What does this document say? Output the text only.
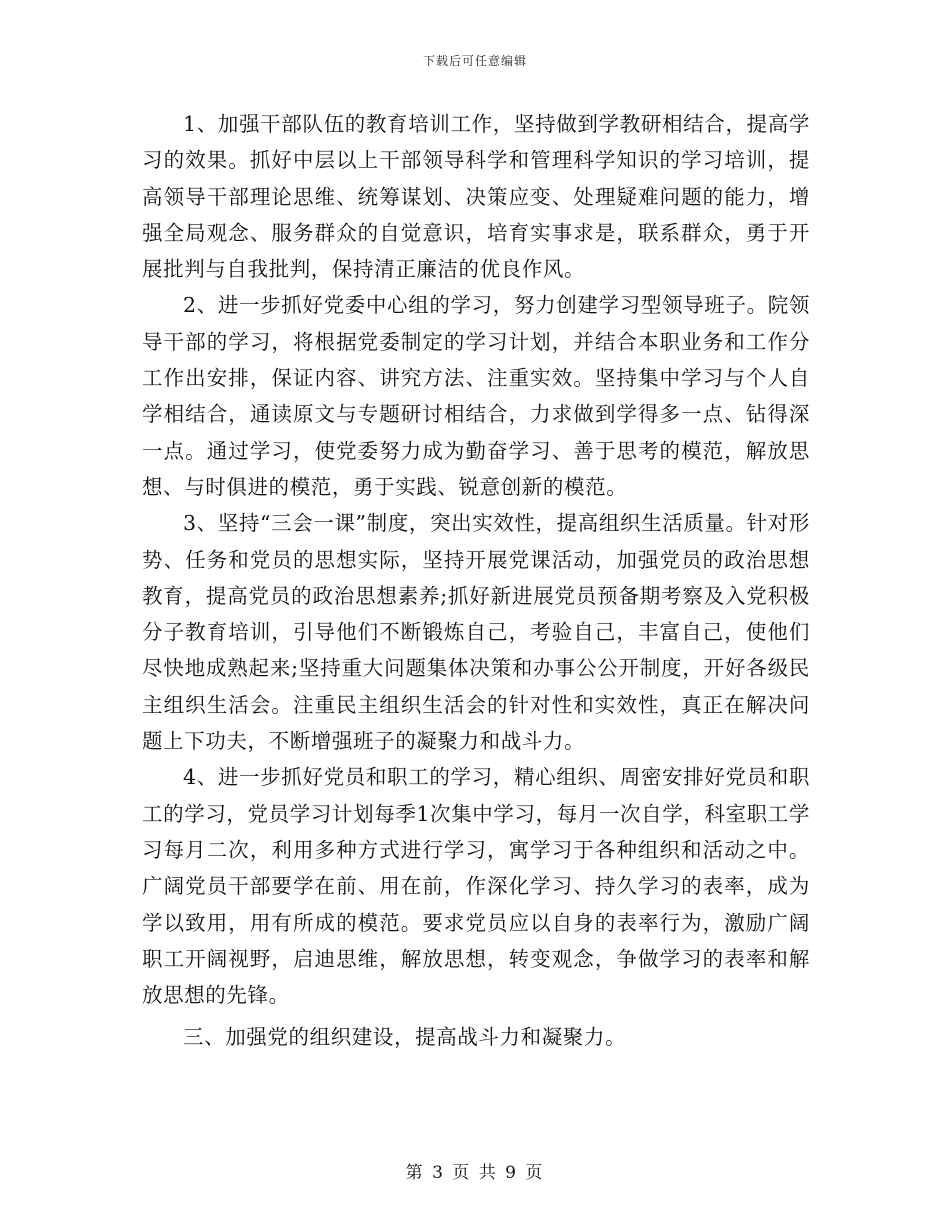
下载后可任意编辑

1、加强干部队伍的教育培训工作，坚持做到学教研相结合，提高学习的效果。抓好中层以上干部领导科学和管理科学知识的学习培训，提高领导干部理论思维、统筹谋划、决策应变、处理疑难问题的能力，增强全局观念、服务群众的自觉意识，培育实事求是，联系群众，勇于开展批判与自我批判，保持清正廉洁的优良作风。

2、进一步抓好党委中心组的学习，努力创建学习型领导班子。院领导干部的学习，将根据党委制定的学习计划，并结合本职业务和工作分工作出安排，保证内容、讲究方法、注重实效。坚持集中学习与个人自学相结合，通读原文与专题研讨相结合，力求做到学得多一点、钻得深一点。通过学习，使党委努力成为勤奋学习、善于思考的模范，解放思想、与时俱进的模范，勇于实践、锐意创新的模范。

3、坚持“三会一课”制度，突出实效性，提高组织生活质量。针对形势、任务和党员的思想实际，坚持开展党课活动，加强党员的政治思想教育，提高党员的政治思想素养;抓好新进展党员预备期考察及入党积极分子教育培训，引导他们不断锻炼自己，考验自己，丰富自己，使他们尽快地成熟起来;坚持重大问题集体决策和办事公公开制度，开好各级民主组织生活会。注重民主组织生活会的针对性和实效性，真正在解决问题上下功夫，不断增强班子的凝聚力和战斗力。

4、进一步抓好党员和职工的学习，精心组织、周密安排好党员和职工的学习，党员学习计划每季1次集中学习，每月一次自学，科室职工学习每月二次，利用多种方式进行学习，寓学习于各种组织和活动之中。广阔党员干部要学在前、用在前，作深化学习、持久学习的表率，成为学以致用，用有所成的模范。要求党员应以自身的表率行为，激励广阔职工开阔视野，启迪思维，解放思想，转变观念，争做学习的表率和解放思想的先锋。

三、加强党的组织建设，提高战斗力和凝聚力。

第 3 页 共 9 页
